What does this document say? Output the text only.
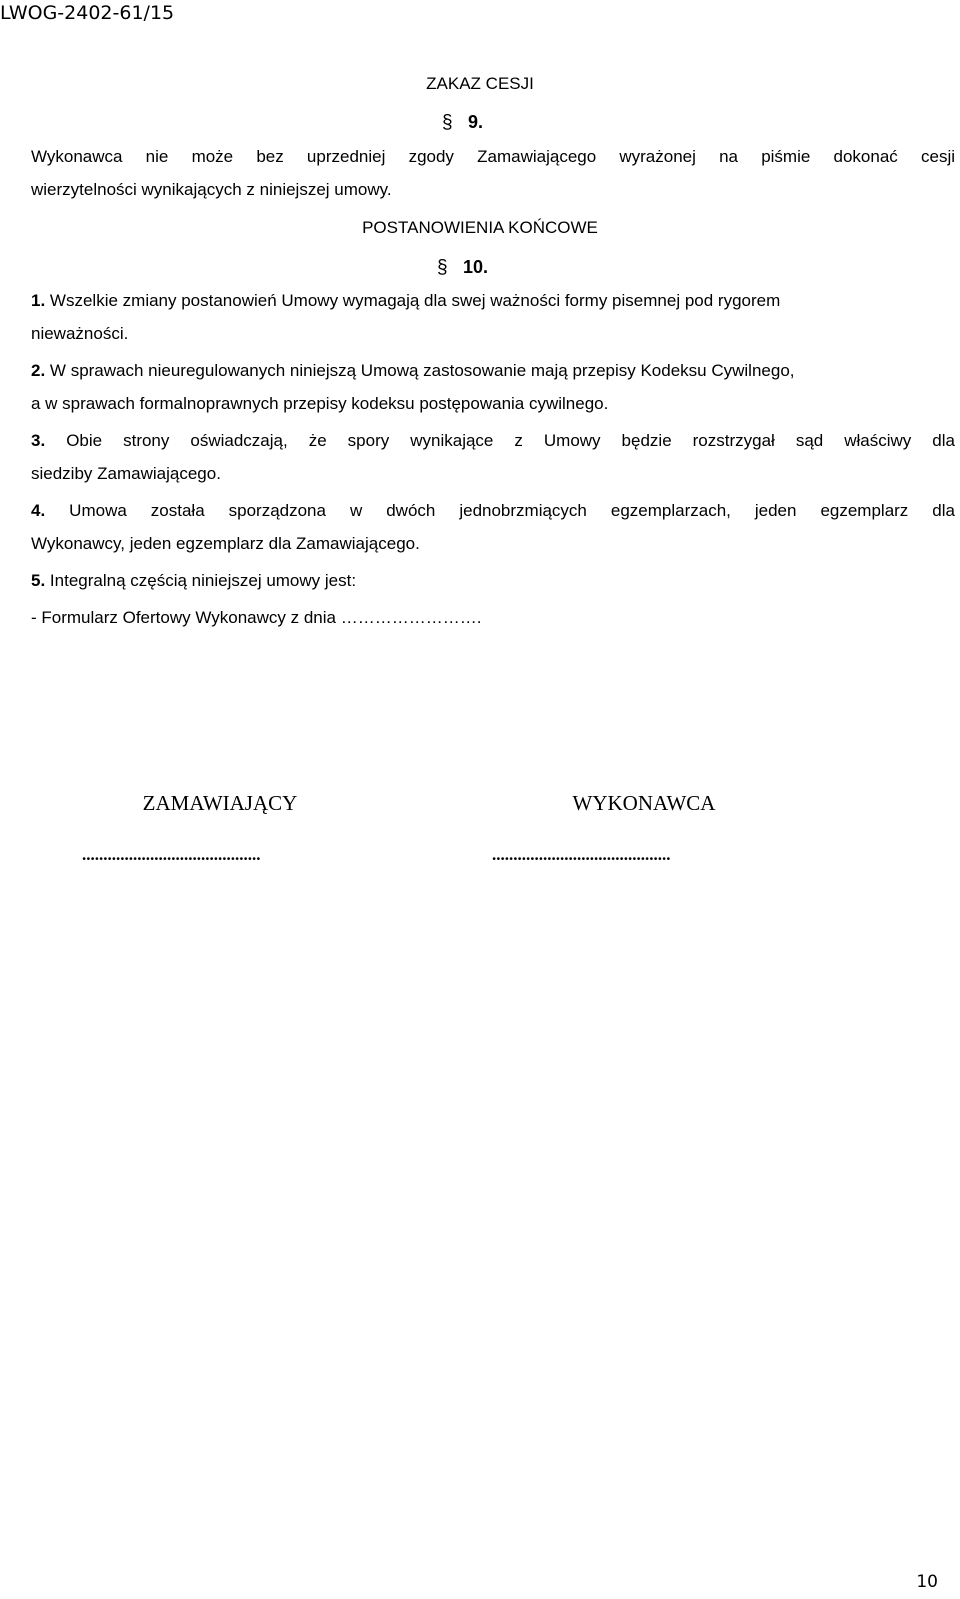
LWOG-2402-61/15
ZAKAZ CESJI
§ 9.
Wykonawca nie może bez uprzedniej zgody Zamawiającego wyrażonej na piśmie dokonać cesji
wierzytelności wynikających z niniejszej umowy.
POSTANOWIENIA KOŃCOWE
§ 10.
1. Wszelkie zmiany postanowień Umowy wymagają dla swej ważności formy pisemnej pod rygorem
nieważności.
2. W sprawach nieuregulowanych niniejszą Umową zastosowanie mają przepisy Kodeksu Cywilnego,
a w sprawach formalnoprawnych przepisy kodeksu postępowania cywilnego.
3. Obie strony oświadczają, że spory wynikające z Umowy będzie rozstrzygał sąd właściwy dla
siedziby Zamawiającego.
4. Umowa została sporządzona w dwóch jednobrzmiących egzemplarzach, jeden egzemplarz dla
Wykonawcy, jeden egzemplarz dla Zamawiającego.
5. Integralną częścią niniejszej umowy jest:
- Formularz Ofertowy Wykonawcy z dnia …………………….
ZAMAWIAJĄCY	WYKONAWCA
..........................................	..........................................
10
